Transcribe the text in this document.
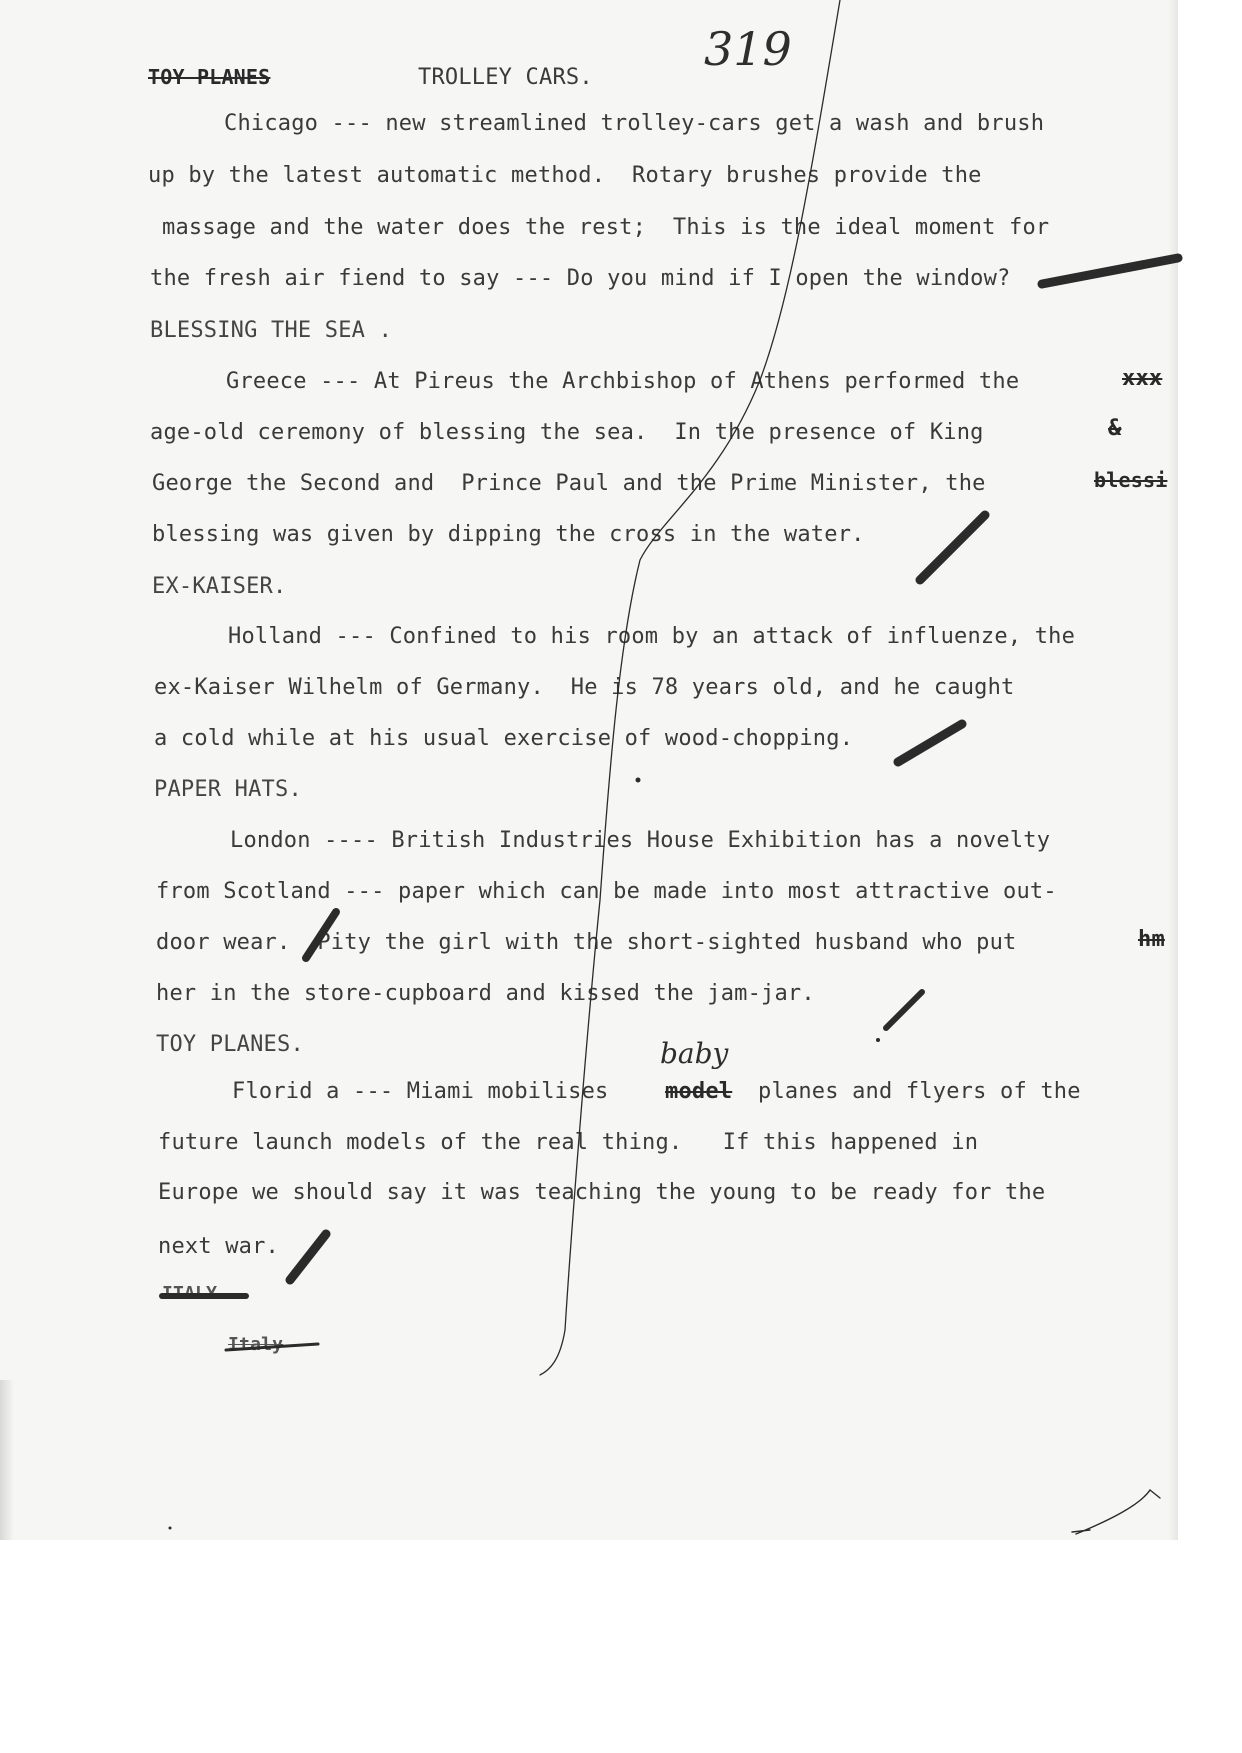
TOY PLANES	TROLLEY CARS.
319
Chicago --- new streamlined trolley-cars get a wash and brush
up by the latest automatic method.  Rotary brushes provide the
massage and the water does the rest;  This is the ideal moment for
the fresh air fiend to say --- Do you mind if I open the window?
BLESSING THE SEA .
Greece --- At Pireus the Archbishop of Athens performed the	xxx
age-old ceremony of blessing the sea.  In the presence of King	&
George the Second and  Prince Paul and the Prime Minister, the	blessi
blessing was given by dipping the cross in the water.
EX-KAISER.
Holland --- Confined to his room by an attack of influenze, the
ex-Kaiser Wilhelm of Germany.  He is 78 years old, and he caught
a cold while at his usual exercise of wood-chopping.
PAPER HATS.
London ---- British Industries House Exhibition has a novelty
from Scotland --- paper which can be made into most attractive out-
door wear.  Pity the girl with the short-sighted husband who put	hm
her in the store-cupboard and kissed the jam-jar.
TOY PLANES.
Florid a --- Miami mobilises	model planes and flyers of the
baby
future launch models of the real thing.   If this happened in
Europe we should say it was teaching the young to be ready for the
next war.
ITALY
Italy
